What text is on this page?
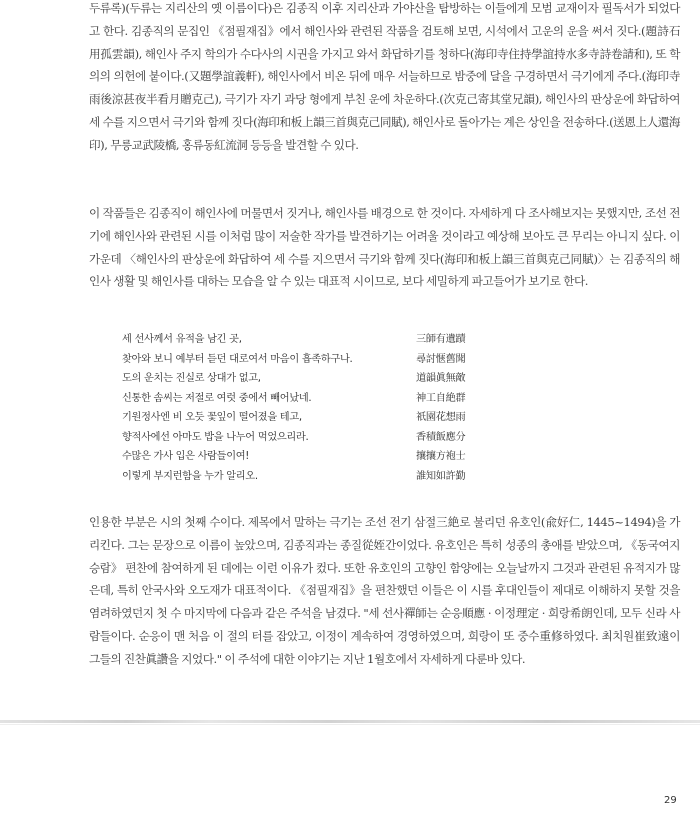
두류록)(두류는 지리산의 옛 이름이다)은 김종직 이후 지리산과 가야산을 탐방하는 이들에게 모범 교재이자 필독서가 되었다고 한다. 김종직의 문집인 《점필재집》에서 해인사와 관련된 작품을 검토해 보면, 시석에서 고운의 운을 써서 짓다.(題詩石用孤雲韻), 해인사 주지 학의가 수다사의 시권을 가지고 와서 화답하기를 청하다(海印寺住持學誼持水多寺詩卷請和), 또 학의의 의헌에 붙이다.(又題學誼義軒), 해인사에서 비온 뒤에 매우 서늘하므로 밤중에 달을 구경하면서 극기에게 주다.(海印寺雨後涼甚夜半看月贈克己), 극기가 자기 과당 형에게 부친 운에 차운하다.(次克己寄其堂兄韻), 해인사의 판상운에 화답하여 세 수를 지으면서 극기와 함께 짓다(海印和板上韻三首與克己同賦), 해인사로 돌아가는 계은 상인을 전송하다.(送恩上人還海印), 무릉교武陵橋, 홍류동紅流洞 등등을 발견할 수 있다.

이 작품들은 김종직이 해인사에 머물면서 짓거나, 해인사를 배경으로 한 것이다. 자세하게 다 조사해보지는 못했지만, 조선 전기에 해인사와 관련된 시를 이처럼 많이 저술한 작가를 발견하기는 어려울 것이라고 예상해 보아도 큰 무리는 아니지 싶다. 이 가운데 〈해인사의 판상운에 화답하여 세 수를 지으면서 극기와 함께 짓다(海印和板上韻三首與克己同賦)〉는 김종직의 해인사 생활 및 해인사를 대하는 모습을 알 수 있는 대표적 시이므로, 보다 세밀하게 파고들어가 보기로 한다.

세 선사께서 유적을 남긴 곳,	三師有遺蹟
찾아와 보니 예부터 듣던 대로여서 마음이 흡족하구나.	尋討愜舊聞
도의 운치는 진실로 상대가 없고,	道韻眞無敵
신통한 솜씨는 저절로 여럿 중에서 빼어났네.	神工自絶群
기원정사엔 비 오듯 꽃잎이 떨어졌을 테고,	祇園花想雨
향적사에선 아마도 밥을 나누어 먹었으리라.	香積飯應分
수많은 가사 입은 사람들이여!	攘攘方袍士
이렇게 부지런함을 누가 알리오.	誰知如許勤

인용한 부분은 시의 첫째 수이다. 제목에서 말하는 극기는 조선 전기 삼절三絶로 불리던 유호인(兪好仁, 1445~1494)을 가리킨다. 그는 문장으로 이름이 높았으며, 김종직과는 종질從姪간이었다. 유호인은 특히 성종의 총애를 받았으며, 《동국여지승람》 편찬에 참여하게 된 데에는 이런 이유가 컸다. 또한 유호인의 고향인 함양에는 오늘날까지 그것과 관련된 유적지가 많은데, 특히 안국사와 오도재가 대표적이다. 《점필재집》을 편찬했던 이들은 이 시를 후대인들이 제대로 이해하지 못할 것을 염려하였던지 첫 수 마지막에 다음과 같은 주석을 남겼다. "세 선사禪師는 순응順應 · 이정理定 · 희랑希朗인데, 모두 신라 사람들이다. 순응이 맨 처음 이 절의 터를 잡았고, 이정이 계속하여 경영하였으며, 희랑이 또 중수重修하였다. 최치원崔致遠이 그들의 진찬眞讚을 지었다." 이 주석에 대한 이야기는 지난 1월호에서 자세하게 다룬바 있다.

29
